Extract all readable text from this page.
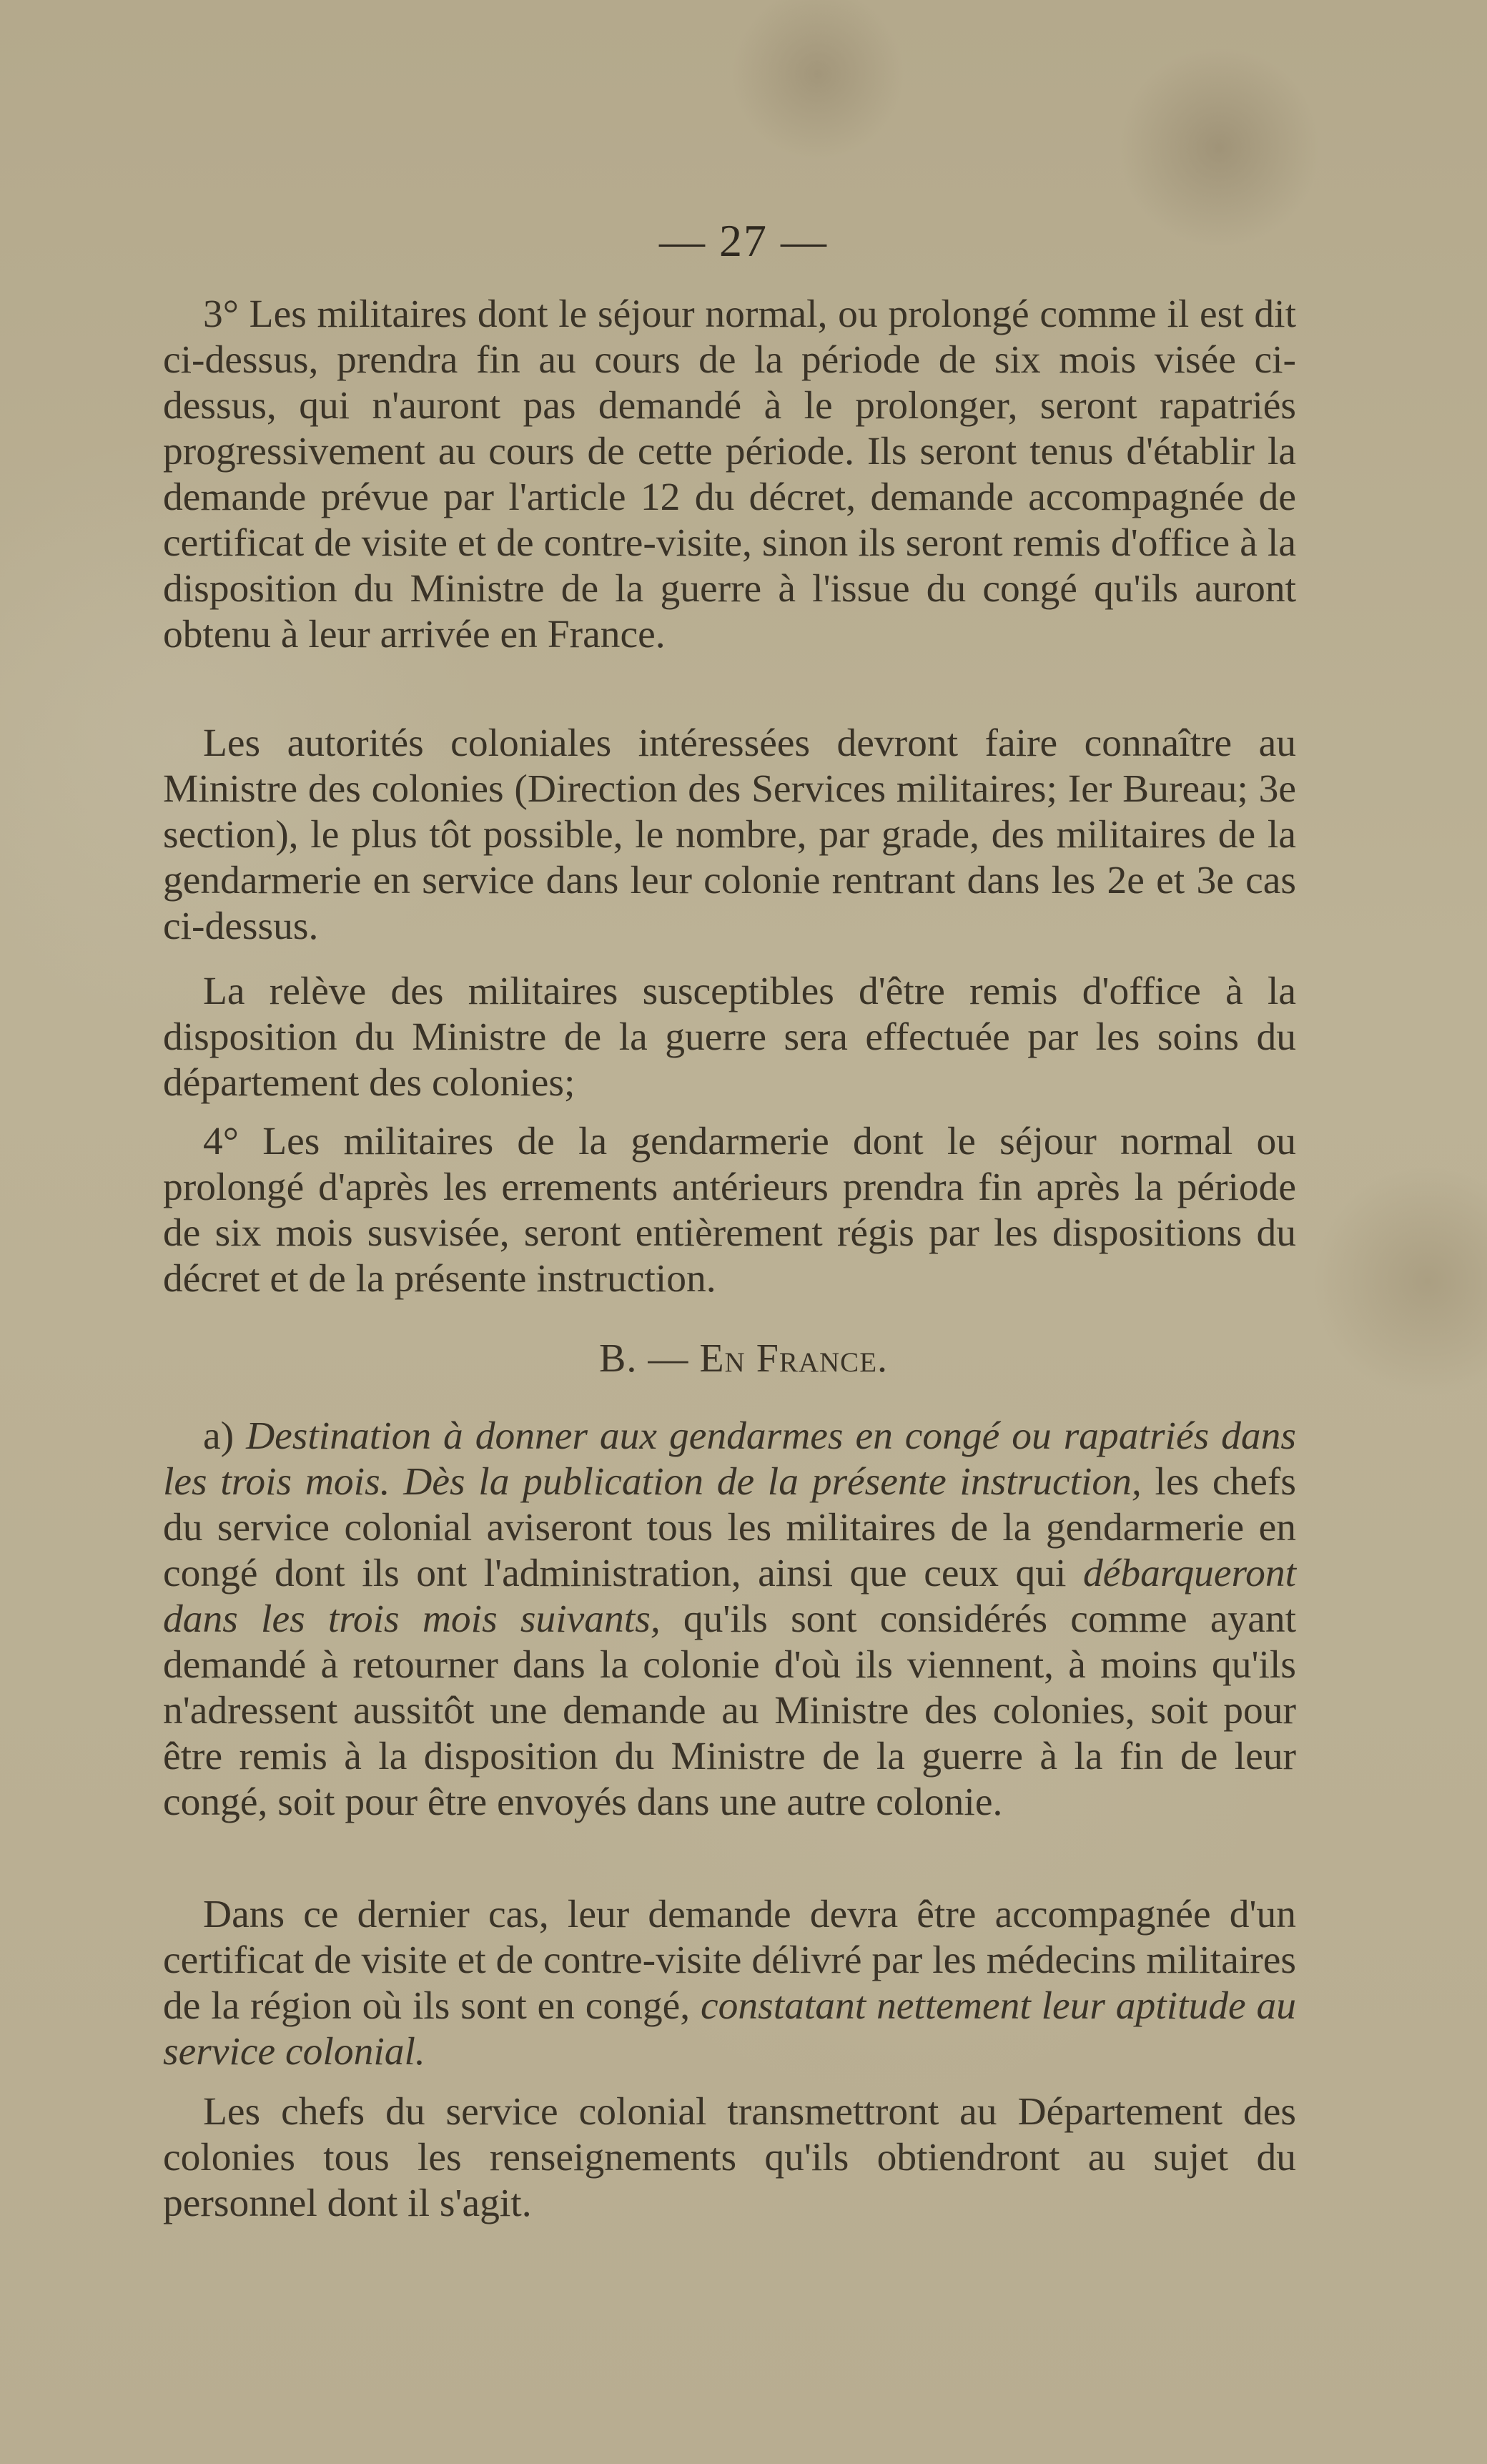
— 27 —

3° Les militaires dont le séjour normal, ou prolongé comme il est dit ci-dessus, prendra fin au cours de la période de six mois visée ci-dessus, qui n'auront pas demandé à le prolonger, seront rapatriés progressivement au cours de cette période. Ils seront tenus d'établir la demande prévue par l'article 12 du décret, demande accompagnée de certificat de visite et de contre-visite, sinon ils seront remis d'office à la disposition du Ministre de la guerre à l'issue du congé qu'ils auront obtenu à leur arrivée en France.

Les autorités coloniales intéressées devront faire connaître au Ministre des colonies (Direction des Services militaires; Ier Bureau; 3e section), le plus tôt possible, le nombre, par grade, des militaires de la gendarmerie en service dans leur colonie rentrant dans les 2e et 3e cas ci-dessus.

La relève des militaires susceptibles d'être remis d'office à la disposition du Ministre de la guerre sera effectuée par les soins du département des colonies;

4° Les militaires de la gendarmerie dont le séjour normal ou prolongé d'après les errements antérieurs prendra fin après la période de six mois susvisée, seront entièrement régis par les dispositions du décret et de la présente instruction.

B. — En France.

a) Destination à donner aux gendarmes en congé ou rapatriés dans les trois mois. Dès la publication de la présente instruction, les chefs du service colonial aviseront tous les militaires de la gendarmerie en congé dont ils ont l'administration, ainsi que ceux qui débarqueront dans les trois mois suivants, qu'ils sont considérés comme ayant demandé à retourner dans la colonie d'où ils viennent, à moins qu'ils n'adressent aussitôt une demande au Ministre des colonies, soit pour être remis à la disposition du Ministre de la guerre à la fin de leur congé, soit pour être envoyés dans une autre colonie.

Dans ce dernier cas, leur demande devra être accompagnée d'un certificat de visite et de contre-visite délivré par les médecins militaires de la région où ils sont en congé, constatant nettement leur aptitude au service colonial.

Les chefs du service colonial transmettront au Département des colonies tous les renseignements qu'ils obtiendront au sujet du personnel dont il s'agit.
